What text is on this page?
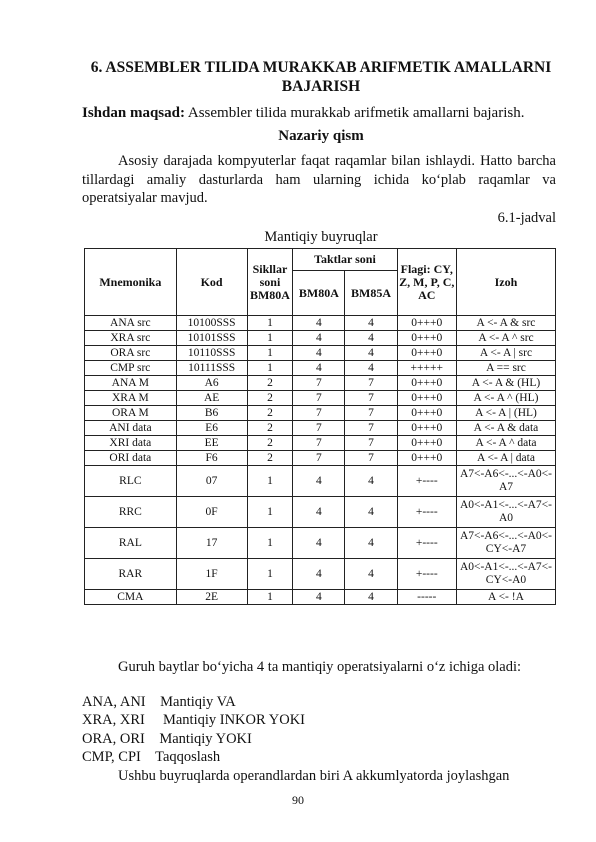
6. ASSEMBLER TILIDA MURAKKAB ARIFMETIK AMALLARNI BAJARISH
Ishdan maqsad: Assembler tilida murakkab arifmetik amallarni bajarish.
Nazariy qism
Asosiy darajada kompyuterlar faqat raqamlar bilan ishlaydi. Hatto barcha tillardagi amaliy dasturlarda ham ularning ichida ko‘plab raqamlar va operatsiyalar mavjud.
6.1-jadval
Mantiqiy buyruqlar
Mnemonika	Kod	Sikllar soni BM80A	Taktlar soni		Flagi: CY, Z, M, P, C, AC	Izoh
			BM80A	BM85A		
ANA src	10100SSS	1	4	4	0+++0	A <- A & src
XRA src	10101SSS	1	4	4	0+++0	A <- A ^ src
ORA src	10110SSS	1	4	4	0+++0	A <- A | src
CMP src	10111SSS	1	4	4	+++++	A == src
ANA M	A6	2	7	7	0+++0	A <- A & (HL)
XRA M	AE	2	7	7	0+++0	A <- A ^ (HL)
ORA M	B6	2	7	7	0+++0	A <- A | (HL)
ANI data	E6	2	7	7	0+++0	A <- A & data
XRI data	EE	2	7	7	0+++0	A <- A ^ data
ORI data	F6	2	7	7	0+++0	A <- A | data
RLC	07	1	4	4	+----	A7<-A6<-...<-A0<-A7
RRC	0F	1	4	4	+----	A0<-A1<-...<-A7<-A0
RAL	17	1	4	4	+----	A7<-A6<-...<-A0<-CY<-A7
RAR	1F	1	4	4	+----	A0<-A1<-...<-A7<-CY<-A0
CMA	2E	1	4	4	-----	A <- !A
Guruh baytlar bo‘yicha 4 ta mantiqiy operatsiyalarni o‘z ichiga oladi:
ANA, ANI Mantiqiy VA
XRA, XRI Mantiqiy INKOR YOKI
ORA, ORI Mantiqiy YOKI
CMP, CPI Taqqoslash
Ushbu buyruqlarda operandlardan biri A akkumlyatorda joylashgan
90
